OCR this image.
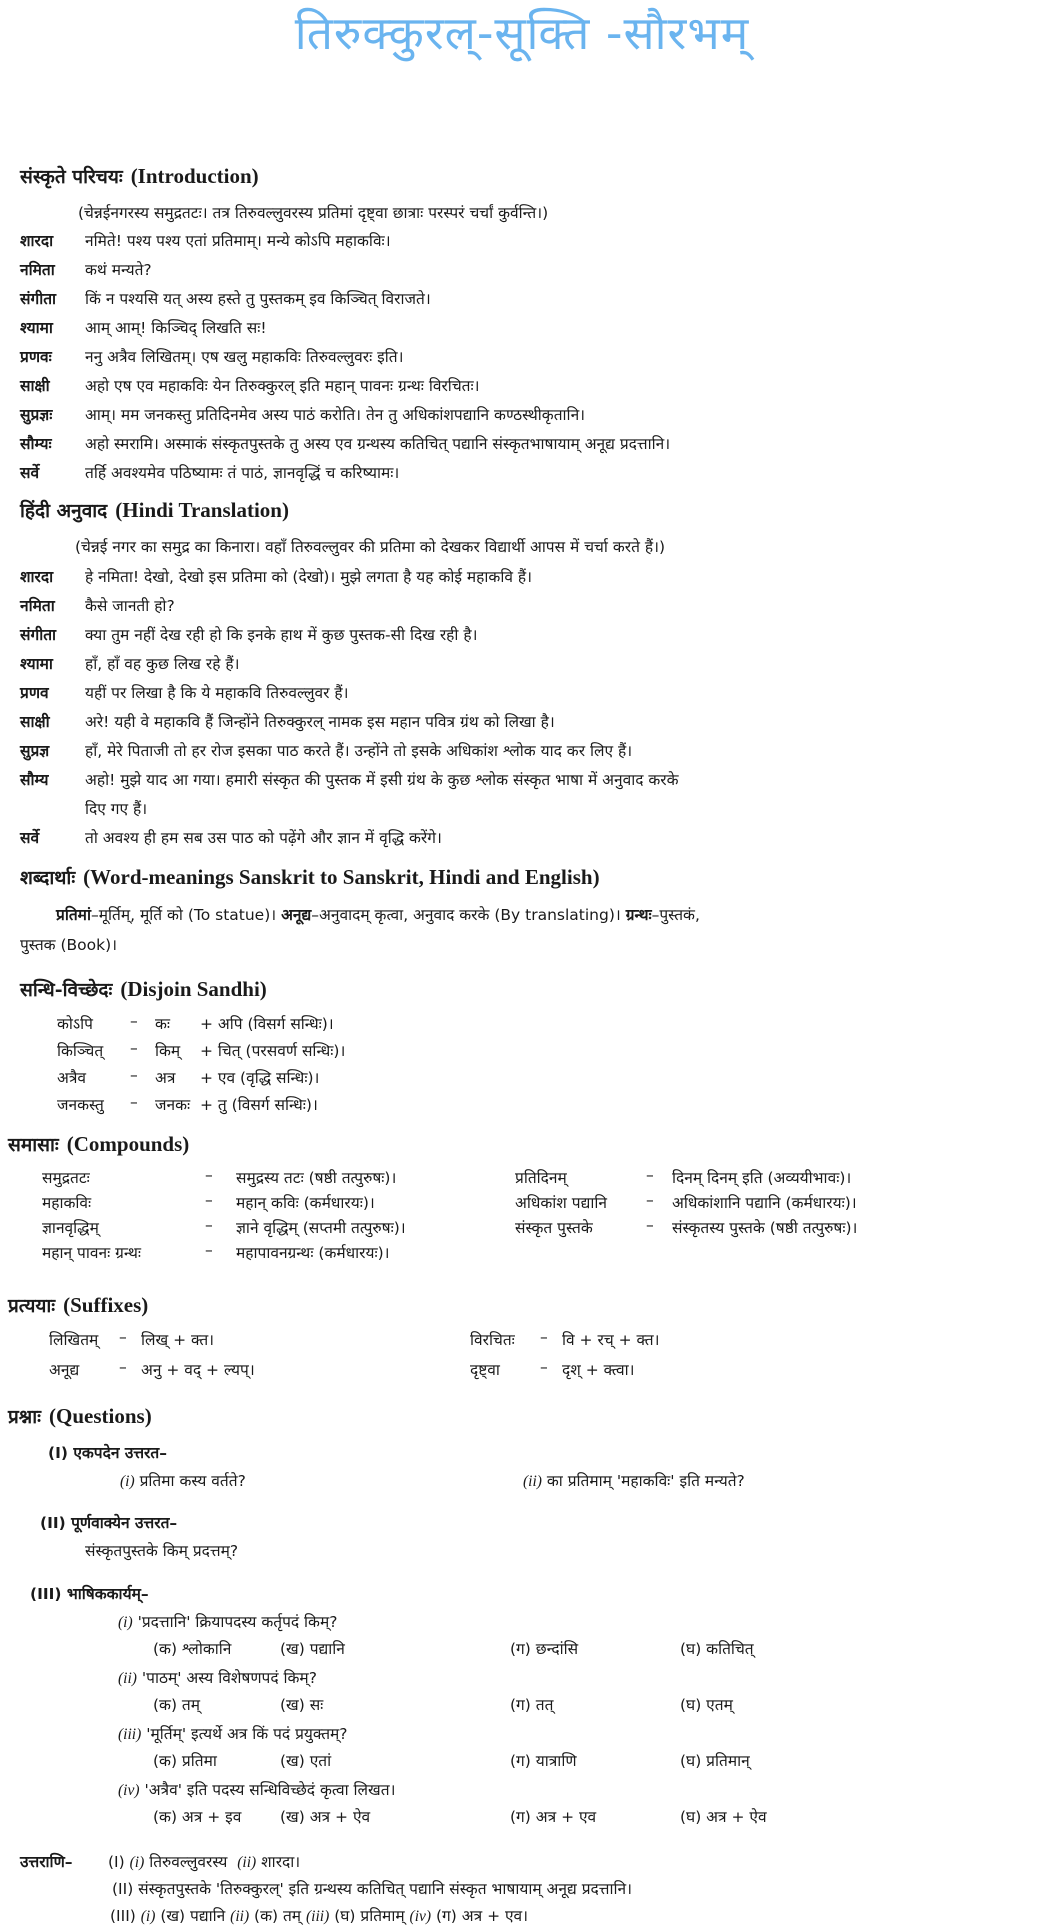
तिरुक्कुरल्-सूक्ति -सौरभम्
संस्कृते परिचयः (Introduction)
(चेन्नईनगरस्य समुद्रतटः। तत्र तिरुवल्लुवरस्य प्रतिमां दृष्ट्वा छात्राः परस्परं चर्चां कुर्वन्ति।)
शारदा नमिते! पश्य पश्य एतां प्रतिमाम्। मन्ये कोऽपि महाकविः।
नमिता कथं मन्यते?
संगीता किं न पश्यसि यत् अस्य हस्ते तु पुस्तकम् इव किञ्चित् विराजते।
श्यामा आम् आम्! किञ्चिद् लिखति सः!
प्रणवः ननु अत्रैव लिखितम्। एष खलु महाकविः तिरुवल्लुवरः इति।
साक्षी अहो एष एव महाकविः येन तिरुक्कुरल् इति महान् पावनः ग्रन्थः विरचितः।
सुप्रज्ञः आम्। मम जनकस्तु प्रतिदिनमेव अस्य पाठं करोति। तेन तु अधिकांशपद्यानि कण्ठस्थीकृतानि।
सौम्यः अहो स्मरामि। अस्माकं संस्कृतपुस्तके तु अस्य एव ग्रन्थस्य कतिचित् पद्यानि संस्कृतभाषायाम् अनूद्य प्रदत्तानि।
सर्वे	तर्हि अवश्यमेव पठिष्यामः तं पाठं, ज्ञानवृद्धिं च करिष्यामः।
हिंदी अनुवाद (Hindi Translation)
(चेन्नई नगर का समुद्र का किनारा। वहाँ तिरुवल्लुवर की प्रतिमा को देखकर विद्यार्थी आपस में चर्चा करते हैं।)
शारदा हे नमिता! देखो, देखो इस प्रतिमा को (देखो)। मुझे लगता है यह कोई महाकवि हैं।
नमिता कैसे जानती हो?
संगीता क्या तुम नहीं देख रही हो कि इनके हाथ में कुछ पुस्तक-सी दिख रही है।
श्यामा हाँ, हाँ वह कुछ लिख रहे हैं।
प्रणव यहीं पर लिखा है कि ये महाकवि तिरुवल्लुवर हैं।
साक्षी अरे! यही वे महाकवि हैं जिन्होंने तिरुक्कुरल् नामक इस महान पवित्र ग्रंथ को लिखा है।
सुप्रज्ञ हाँ, मेरे पिताजी तो हर रोज इसका पाठ करते हैं। उन्होंने तो इसके अधिकांश श्लोक याद कर लिए हैं।
सौम्य अहो! मुझे याद आ गया। हमारी संस्कृत की पुस्तक में इसी ग्रंथ के कुछ श्लोक संस्कृत भाषा में अनुवाद करके
दिए गए हैं।
सर्वे	तो अवश्य ही हम सब उस पाठ को पढ़ेंगे और ज्ञान में वृद्धि करेंगे।
शब्दार्थाः (Word-meanings Sanskrit to Sanskrit, Hindi and English)
प्रतिमां–मूर्तिम्, मूर्ति को (To statue)। अनूद्य–अनुवादम् कृत्वा, अनुवाद करके (By translating)। ग्रन्थः–पुस्तकं,
पुस्तक (Book)।
सन्धि-विच्छेदः (Disjoin Sandhi)
कोऽपि – कः + अपि (विसर्ग सन्धिः)।
किञ्चित् – किम् + चित् (परसवर्ण सन्धिः)।
अत्रैव	– अत्र + एव (वृद्धि सन्धिः)।
जनकस्तु – जनकः + तु (विसर्ग सन्धिः)।
समासाः (Compounds)
समुद्रतटः	– समुद्रस्य तटः (षष्ठी तत्पुरुषः)।
महाकविः	– महान् कविः (कर्मधारयः)।
ज्ञानवृद्धिम्	– ज्ञाने वृद्धिम् (सप्तमी तत्पुरुषः)।
महान् पावनः ग्रन्थः	– महापावनग्रन्थः (कर्मधारयः)।
प्रतिदिनम्	– दिनम् दिनम् इति (अव्ययीभावः)।
अधिकांश पद्यानि	– अधिकांशानि पद्यानि (कर्मधारयः)।
संस्कृत पुस्तके	– संस्कृतस्य पुस्तके (षष्ठी तत्पुरुषः)।
प्रत्ययाः (Suffixes)
लिखितम् – लिख् + क्त।	विरचितः – वि + रच् + क्त।
अनूद्य	– अनु + वद् + ल्यप्।	दृष्ट्वा	– दृश् + क्त्वा।
प्रश्नाः (Questions)
(I) एकपदेन उत्तरत–
(i) प्रतिमा कस्य वर्तते?	(ii) का प्रतिमाम् 'महाकविः' इति मन्यते?
(II) पूर्णवाक्येन उत्तरत–
संस्कृतपुस्तके किम् प्रदत्तम्?
(III) भाषिककार्यम्–
(i) 'प्रदत्तानि' क्रियापदस्य कर्तृपदं किम्?
(क) श्लोकानि	(ख) पद्यानि	(ग) छन्दांसि	(घ) कतिचित्
(ii) 'पाठम्' अस्य विशेषणपदं किम्?
(क) तम्	(ख) सः	(ग) तत्	(घ) एतम्
(iii) 'मूर्तिम्' इत्यर्थे अत्र किं पदं प्रयुक्तम्?
(क) प्रतिमा	(ख) एतां	(ग) यात्राणि	(घ) प्रतिमान्
(iv) 'अत्रैव' इति पदस्य सन्धिविच्छेदं कृत्वा लिखत।
(क) अत्र + इव (ख) अत्र + ऐव	(ग) अत्र + एव	(घ) अत्र + ऐव
उत्तराणि– (I) (i) तिरुवल्लुवरस्य (ii) शारदा।
(II) संस्कृतपुस्तके 'तिरुक्कुरल्' इति ग्रन्थस्य कतिचित् पद्यानि संस्कृत भाषायाम् अनूद्य प्रदत्तानि।
(III) (i) (ख) पद्यानि (ii) (क) तम् (iii) (घ) प्रतिमाम् (iv) (ग) अत्र + एव।
